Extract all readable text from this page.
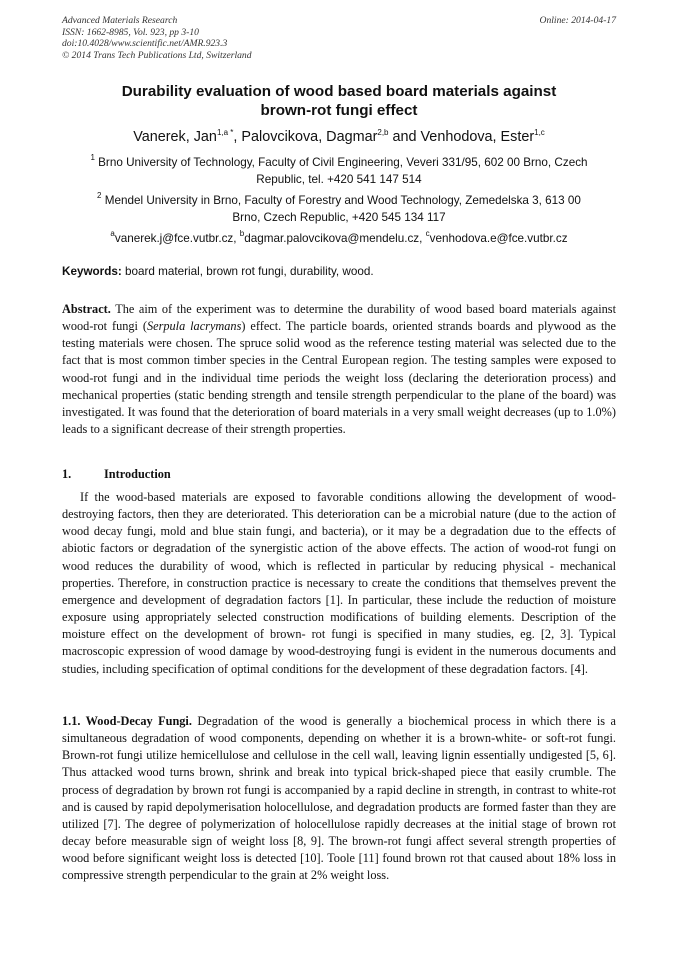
Advanced Materials Research
ISSN: 1662-8985, Vol. 923, pp 3-10
doi:10.4028/www.scientific.net/AMR.923.3
© 2014 Trans Tech Publications Ltd, Switzerland
Online: 2014-04-17
Durability evaluation of wood based board materials against
brown-rot fungi effect
Vanerek, Jan$^{1,a *}$, Palovcikova, Dagmar$^{2,b}$ and Venhodova, Ester$^{1,c}$
$^1$ Brno University of Technology, Faculty of Civil Engineering, Veveri 331/95, 602 00 Brno, Czech
Republic, tel. +420 541 147 514
$^2$ Mendel University in Brno, Faculty of Forestry and Wood Technology, Zemedelska 3, 613 00
Brno, Czech Republic, +420 545 134 117
$^a$vanerek.j@fce.vutbr.cz, $^b$dagmar.palovcikova@mendelu.cz, $^c$venhodova.e@fce.vutbr.cz
Keywords: board material, brown rot fungi, durability, wood.
Abstract. The aim of the experiment was to determine the durability of wood based board materials against wood-rot fungi (Serpula lacrymans) effect. The particle boards, oriented strands boards and plywood as the testing materials were chosen. The spruce solid wood as the reference testing material was selected due to the fact that is most common timber species in the Central European region. The testing samples were exposed to wood-rot fungi and in the individual time periods the weight loss (declaring the deterioration process) and mechanical properties (static bending strength and tensile strength perpendicular to the plane of the board) was investigated. It was found that the deterioration of board materials in a very small weight decreases (up to 1.0%) leads to a significant decrease of their strength properties.
1.	Introduction
If the wood-based materials are exposed to favorable conditions allowing the development of wood-destroying factors, then they are deteriorated. This deterioration can be a microbial nature (due to the action of wood decay fungi, mold and blue stain fungi, and bacteria), or it may be a degradation due to the effects of abiotic factors or degradation of the synergistic action of the above effects. The action of wood-rot fungi on wood reduces the durability of wood, which is reflected in particular by reducing physical - mechanical properties. Therefore, in construction practice is necessary to create the conditions that themselves prevent the emergence and development of degradation factors [1]. In particular, these include the reduction of moisture exposure using appropriately selected construction modifications of building elements. Description of the moisture effect on the development of brown- rot fungi is specified in many studies, eg. [2, 3]. Typical macroscopic expression of wood damage by wood-destroying fungi is evident in the numerous documents and studies, including specification of optimal conditions for the development of these degradation factors. [4].
1.1. Wood-Decay Fungi. Degradation of the wood is generally a biochemical process in which there is a simultaneous degradation of wood components, depending on whether it is a brown-white- or soft-rot fungi. Brown-rot fungi utilize hemicellulose and cellulose in the cell wall, leaving lignin essentially undigested [5, 6]. Thus attacked wood turns brown, shrink and break into typical brick-shaped piece that easily crumble. The process of degradation by brown rot fungi is accompanied by a rapid decline in strength, in contrast to white-rot and is caused by rapid depolymerisation holocellulose, and degradation products are formed faster than they are utilized [7]. The degree of polymerization of holocellulose rapidly decreases at the initial stage of brown rot decay before measurable sign of weight loss [8, 9]. The brown-rot fungi affect several strength properties of wood before significant weight loss is detected [10]. Toole [11] found brown rot that caused about 18% loss in compressive strength perpendicular to the grain at 2% weight loss.
